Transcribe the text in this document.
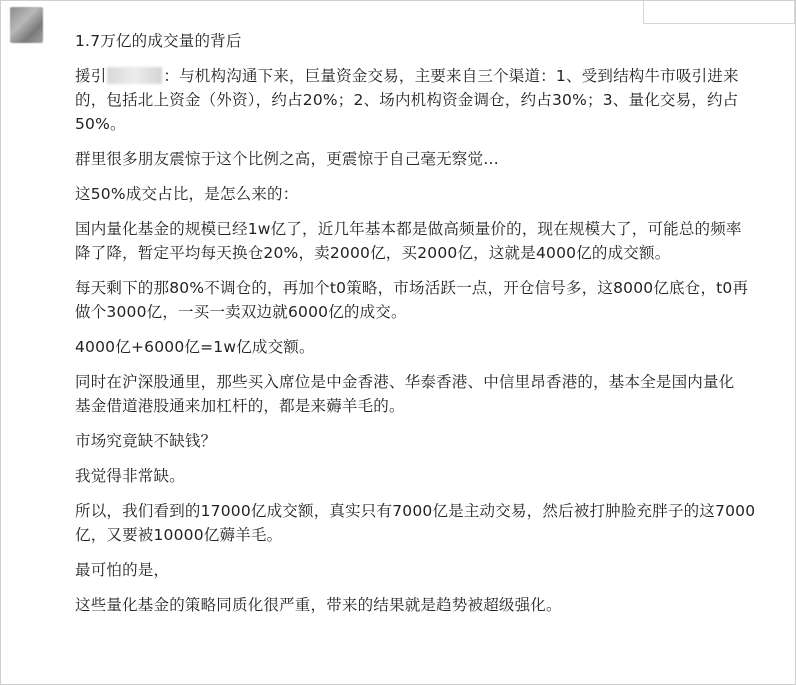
1.7万亿的成交量的背后

援引	：与机构沟通下来，巨量资金交易，主要来自三个渠道：1、受到结构牛市吸引进来
的，包括北上资金（外资），约占20%；2、场内机构资金调仓，约占30%；3、量化交易，约占
50%。

群里很多朋友震惊于这个比例之高，更震惊于自己毫无察觉…

这50%成交占比，是怎么来的：

国内量化基金的规模已经1w亿了，近几年基本都是做高频量价的，现在规模大了，可能总的频率
降了降，暂定平均每天换仓20%，卖2000亿，买2000亿，这就是4000亿的成交额。

每天剩下的那80%不调仓的，再加个t0策略，市场活跃一点，开仓信号多，这8000亿底仓，t0再
做个3000亿，一买一卖双边就6000亿的成交。

4000亿+6000亿=1w亿成交额。

同时在沪深股通里，那些买入席位是中金香港、华泰香港、中信里昂香港的，基本全是国内量化
基金借道港股通来加杠杆的，都是来薅羊毛的。

市场究竟缺不缺钱？

我觉得非常缺。

所以，我们看到的17000亿成交额，真实只有7000亿是主动交易，然后被打肿脸充胖子的这7000
亿，又要被10000亿薅羊毛。

最可怕的是，

这些量化基金的策略同质化很严重，带来的结果就是趋势被超级强化。
